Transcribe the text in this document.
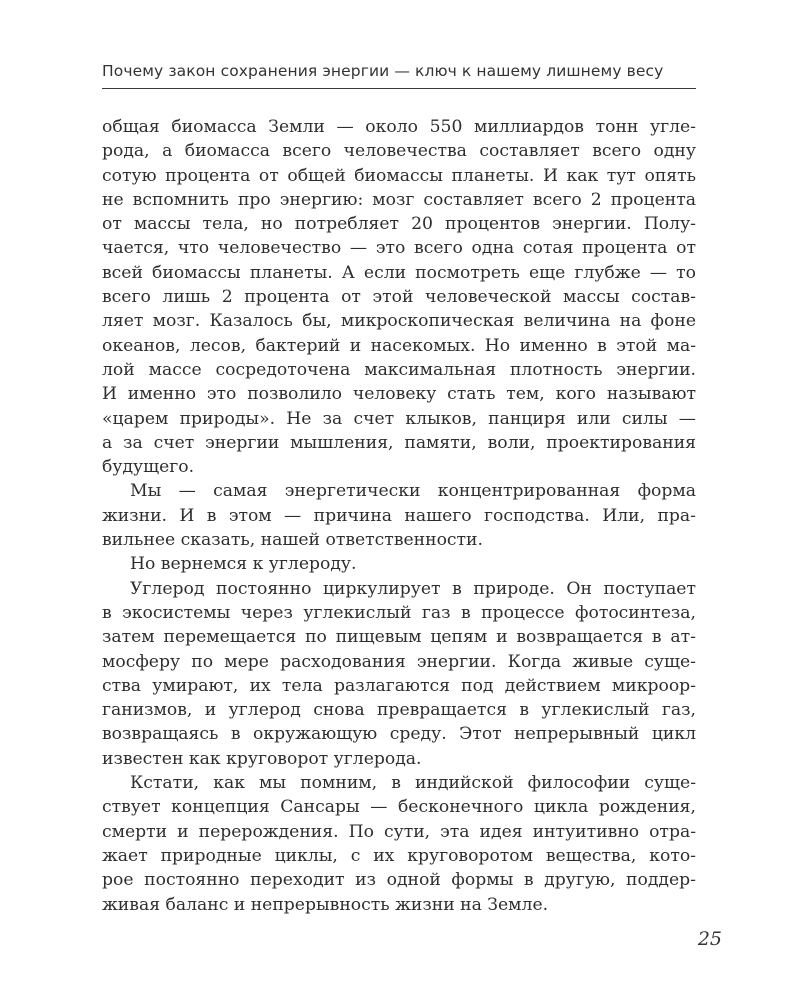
Почему закон сохранения энергии — ключ к нашему лишнему весу
общая биомасса Земли — около 550 миллиардов тонн угле-
рода, а биомасса всего человечества составляет всего одну
сотую процента от общей биомассы планеты. И как тут опять
не вспомнить про энергию: мозг составляет всего 2 процента
от массы тела, но потребляет 20 процентов энергии. Полу-
чается, что человечество — это всего одна сотая процента от
всей биомассы планеты. А если посмотреть еще глубже — то
всего лишь 2 процента от этой человеческой массы состав-
ляет мозг. Казалось бы, микроскопическая величина на фоне
океанов, лесов, бактерий и насекомых. Но именно в этой ма-
лой массе сосредоточена максимальная плотность энергии.
И именно это позволило человеку стать тем, кого называют
«царем природы». Не за счет клыков, панциря или силы —
а за счет энергии мышления, памяти, воли, проектирования
будущего.
Мы — самая энергетически концентрированная форма
жизни. И в этом — причина нашего господства. Или, пра-
вильнее сказать, нашей ответственности.
Но вернемся к углероду.
Углерод постоянно циркулирует в природе. Он поступает
в экосистемы через углекислый газ в процессе фотосинтеза,
затем перемещается по пищевым цепям и возвращается в ат-
мосферу по мере расходования энергии. Когда живые суще-
ства умирают, их тела разлагаются под действием микроор-
ганизмов, и углерод снова превращается в углекислый газ,
возвращаясь в окружающую среду. Этот непрерывный цикл
известен как круговорот углерода.
Кстати, как мы помним, в индийской философии суще-
ствует концепция Сансары — бесконечного цикла рождения,
смерти и перерождения. По сути, эта идея интуитивно отра-
жает природные циклы, с их круговоротом вещества, кото-
рое постоянно переходит из одной формы в другую, поддер-
живая баланс и непрерывность жизни на Земле.
25
